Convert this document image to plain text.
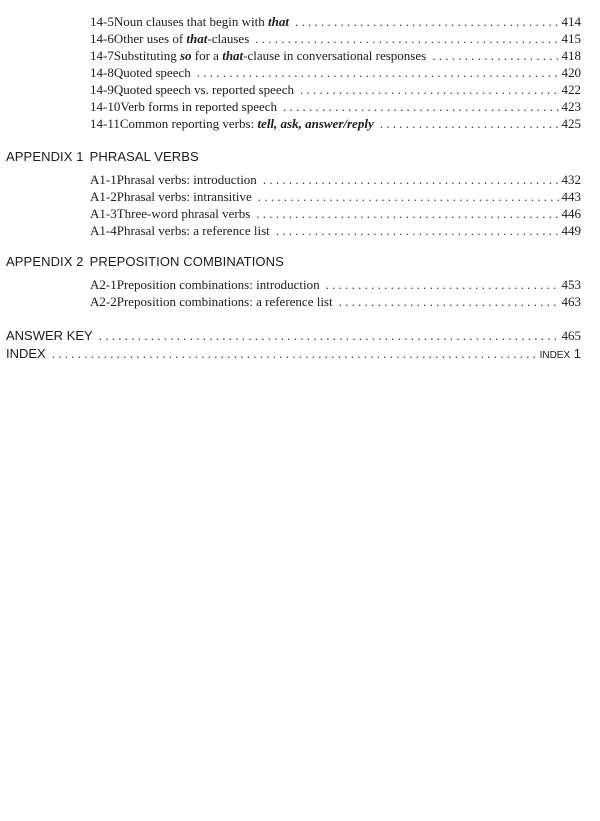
14-5 Noun clauses that begin with that . . .	414
14-6 Other uses of that-clauses . . .	415
14-7 Substituting so for a that-clause in conversational responses . . .	418
14-8 Quoted speech . . .	420
14-9 Quoted speech vs. reported speech . . .	422
14-10 Verb forms in reported speech . . .	423
14-11 Common reporting verbs: tell, ask, answer/reply . . .	425
APPENDIX 1 PHRASAL VERBS
A1-1 Phrasal verbs: introduction . . .	432
A1-2 Phrasal verbs: intransitive . . .	443
A1-3 Three-word phrasal verbs . . .	446
A1-4 Phrasal verbs: a reference list . . .	449
APPENDIX 2 PREPOSITION COMBINATIONS
A2-1 Preposition combinations: introduction . . .	453
A2-2 Preposition combinations: a reference list . . .	463
ANSWER KEY . . .	465
INDEX . . .	INDEX 1
